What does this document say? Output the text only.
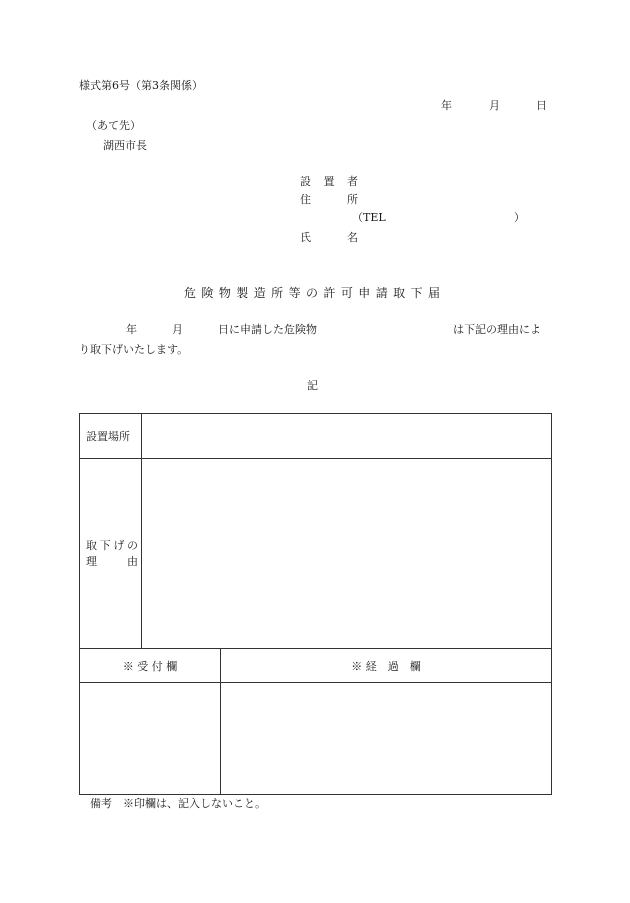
様式第6号（第3条関係）
年	月	日
（あて先）
湖西市長
設置者
住所
（TEL	）
氏名
危険物製造所等の許可申請取下届
年	月	日に申請した危険物	は下記の理由によ
り取下げいたします。
記
設置場所		

取下げの
理由		

※ 受 付 欄		※ 経　過　欄

備考　※印欄は、記入しないこと。
